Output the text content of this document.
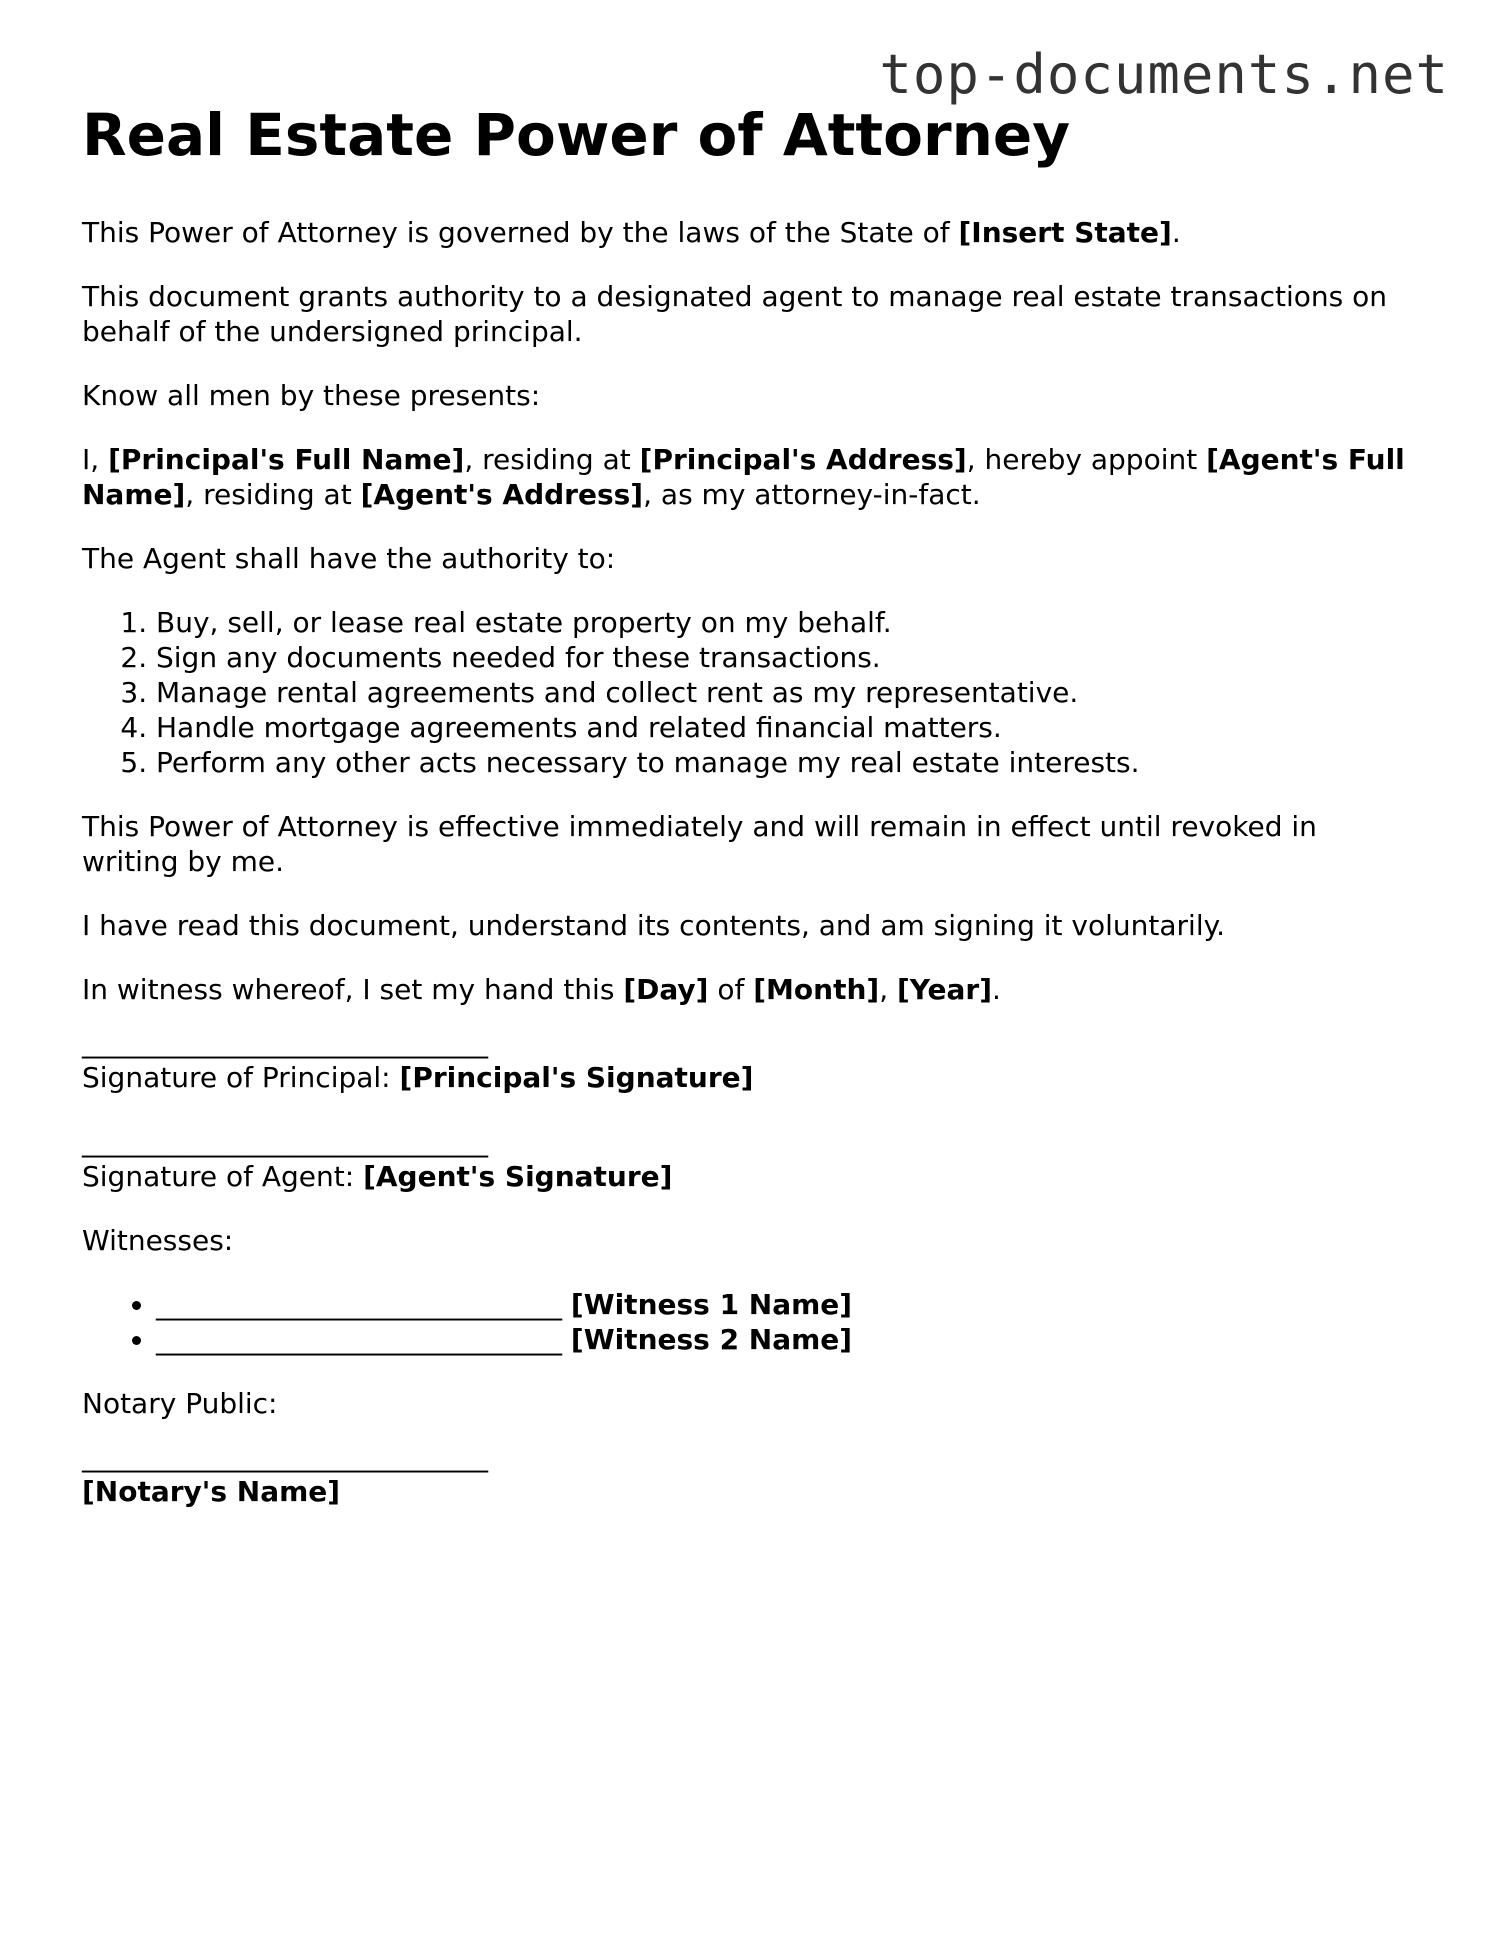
top-documents.net
Real Estate Power of Attorney

This Power of Attorney is governed by the laws of the State of [Insert State].

This document grants authority to a designated agent to manage real estate transactions on behalf of the undersigned principal.

Know all men by these presents:

I, [Principal's Full Name], residing at [Principal's Address], hereby appoint [Agent's Full Name], residing at [Agent's Address], as my attorney-in-fact.

The Agent shall have the authority to:

1. Buy, sell, or lease real estate property on my behalf.
2. Sign any documents needed for these transactions.
3. Manage rental agreements and collect rent as my representative.
4. Handle mortgage agreements and related financial matters.
5. Perform any other acts necessary to manage my real estate interests.

This Power of Attorney is effective immediately and will remain in effect until revoked in writing by me.

I have read this document, understand its contents, and am signing it voluntarily.

In witness whereof, I set my hand this [Day] of [Month], [Year].

_____________________________
Signature of Principal: [Principal's Signature]
_____________________________
Signature of Agent: [Agent's Signature]

Witnesses:

• _____________________________ [Witness 1 Name]
• _____________________________ [Witness 2 Name]

Notary Public:

_____________________________
[Notary's Name]
